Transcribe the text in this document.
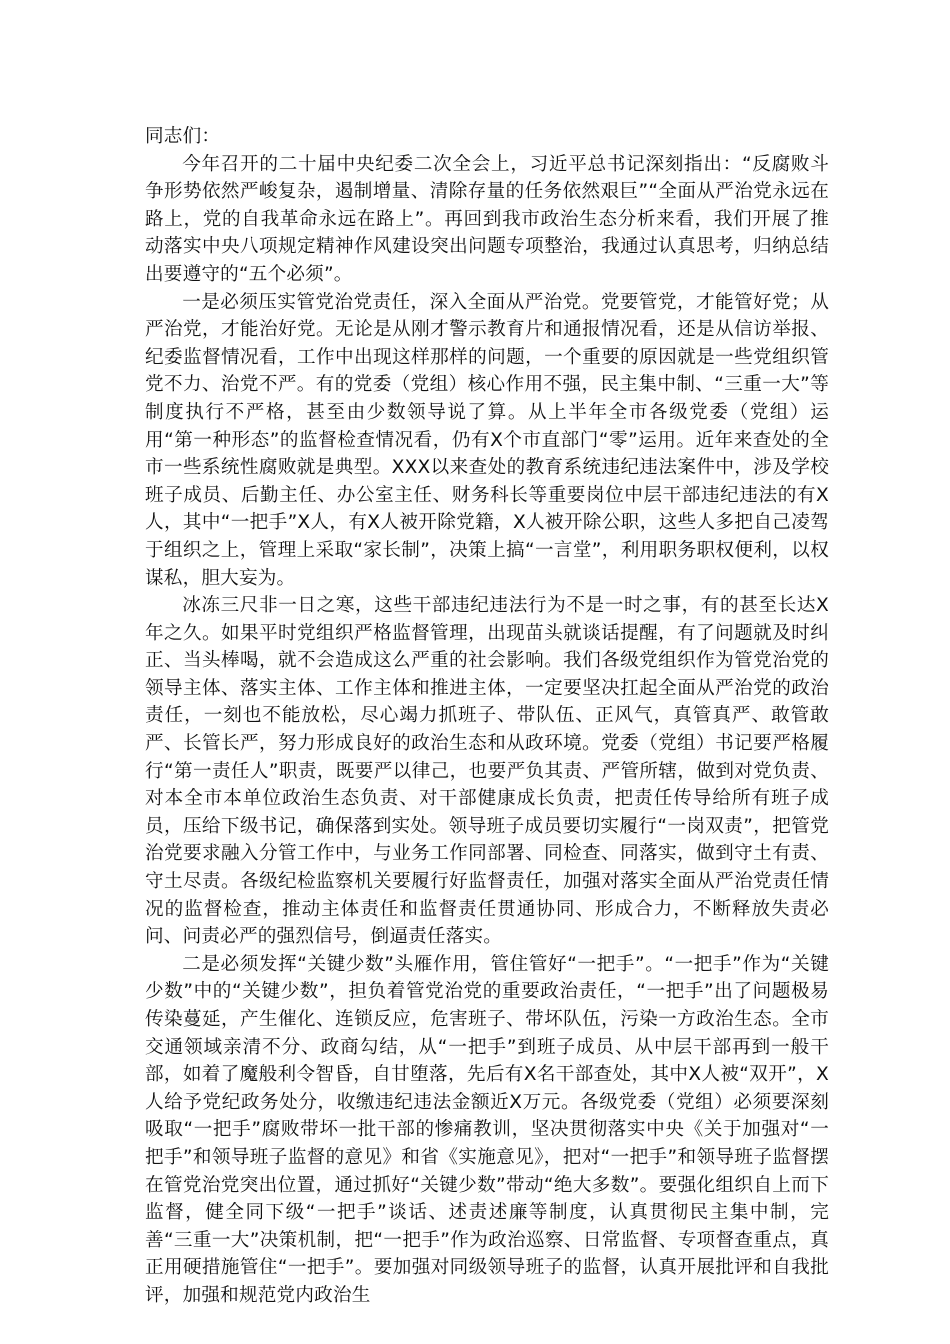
同志们：

今年召开的二十届中央纪委二次全会上，习近平总书记深刻指出：“反腐败斗争形势依然严峻复杂，遏制增量、清除存量的任务依然艰巨”“全面从严治党永远在路上，党的自我革命永远在路上”。再回到我市政治生态分析来看，我们开展了推动落实中央八项规定精神作风建设突出问题专项整治，我通过认真思考，归纳总结出要遵守的“五个必须”。

一是必须压实管党治党责任，深入全面从严治党。党要管党，才能管好党；从严治党，才能治好党。无论是从刚才警示教育片和通报情况看，还是从信访举报、纪委监督情况看，工作中出现这样那样的问题，一个重要的原因就是一些党组织管党不力、治党不严。有的党委（党组）核心作用不强，民主集中制、“三重一大”等制度执行不严格，甚至由少数领导说了算。从上半年全市各级党委（党组）运用“第一种形态”的监督检查情况看，仍有X个市直部门“零”运用。近年来查处的全市一些系统性腐败就是典型。XXX以来查处的教育系统违纪违法案件中，涉及学校班子成员、后勤主任、办公室主任、财务科长等重要岗位中层干部违纪违法的有X人，其中“一把手”X人，有X人被开除党籍，X人被开除公职，这些人多把自己凌驾于组织之上，管理上采取“家长制”，决策上搞“一言堂”，利用职务职权便利，以权谋私，胆大妄为。

冰冻三尺非一日之寒，这些干部违纪违法行为不是一时之事，有的甚至长达X年之久。如果平时党组织严格监督管理，出现苗头就谈话提醒，有了问题就及时纠正、当头棒喝，就不会造成这么严重的社会影响。我们各级党组织作为管党治党的领导主体、落实主体、工作主体和推进主体，一定要坚决扛起全面从严治党的政治责任，一刻也不能放松，尽心竭力抓班子、带队伍、正风气，真管真严、敢管敢严、长管长严，努力形成良好的政治生态和从政环境。党委（党组）书记要严格履行“第一责任人”职责，既要严以律己，也要严负其责、严管所辖，做到对党负责、对本全市本单位政治生态负责、对干部健康成长负责，把责任传导给所有班子成员，压给下级书记，确保落到实处。领导班子成员要切实履行“一岗双责”，把管党治党要求融入分管工作中，与业务工作同部署、同检查、同落实，做到守土有责、守土尽责。各级纪检监察机关要履行好监督责任，加强对落实全面从严治党责任情况的监督检查，推动主体责任和监督责任贯通协同、形成合力，不断释放失责必问、问责必严的强烈信号，倒逼责任落实。

二是必须发挥“关键少数”头雁作用，管住管好“一把手”。“一把手”作为“关键少数”中的“关键少数”，担负着管党治党的重要政治责任，“一把手”出了问题极易传染蔓延，产生催化、连锁反应，危害班子、带坏队伍，污染一方政治生态。全市交通领域亲清不分、政商勾结，从“一把手”到班子成员、从中层干部再到一般干部，如着了魔般利令智昏，自甘堕落，先后有X名干部查处，其中X人被“双开”，X人给予党纪政务处分，收缴违纪违法金额近X万元。各级党委（党组）必须要深刻吸取“一把手”腐败带坏一批干部的惨痛教训，坚决贯彻落实中央《关于加强对“一把手”和领导班子监督的意见》和省《实施意见》，把对“一把手”和领导班子监督摆在管党治党突出位置，通过抓好“关键少数”带动“绝大多数”。要强化组织自上而下监督，健全同下级“一把手”谈话、述责述廉等制度，认真贯彻民主集中制，完善“三重一大”决策机制，把“一把手”作为政治巡察、日常监督、专项督查重点，真正用硬措施管住“一把手”。要加强对同级领导班子的监督，认真开展批评和自我批评，加强和规范党内政治生
